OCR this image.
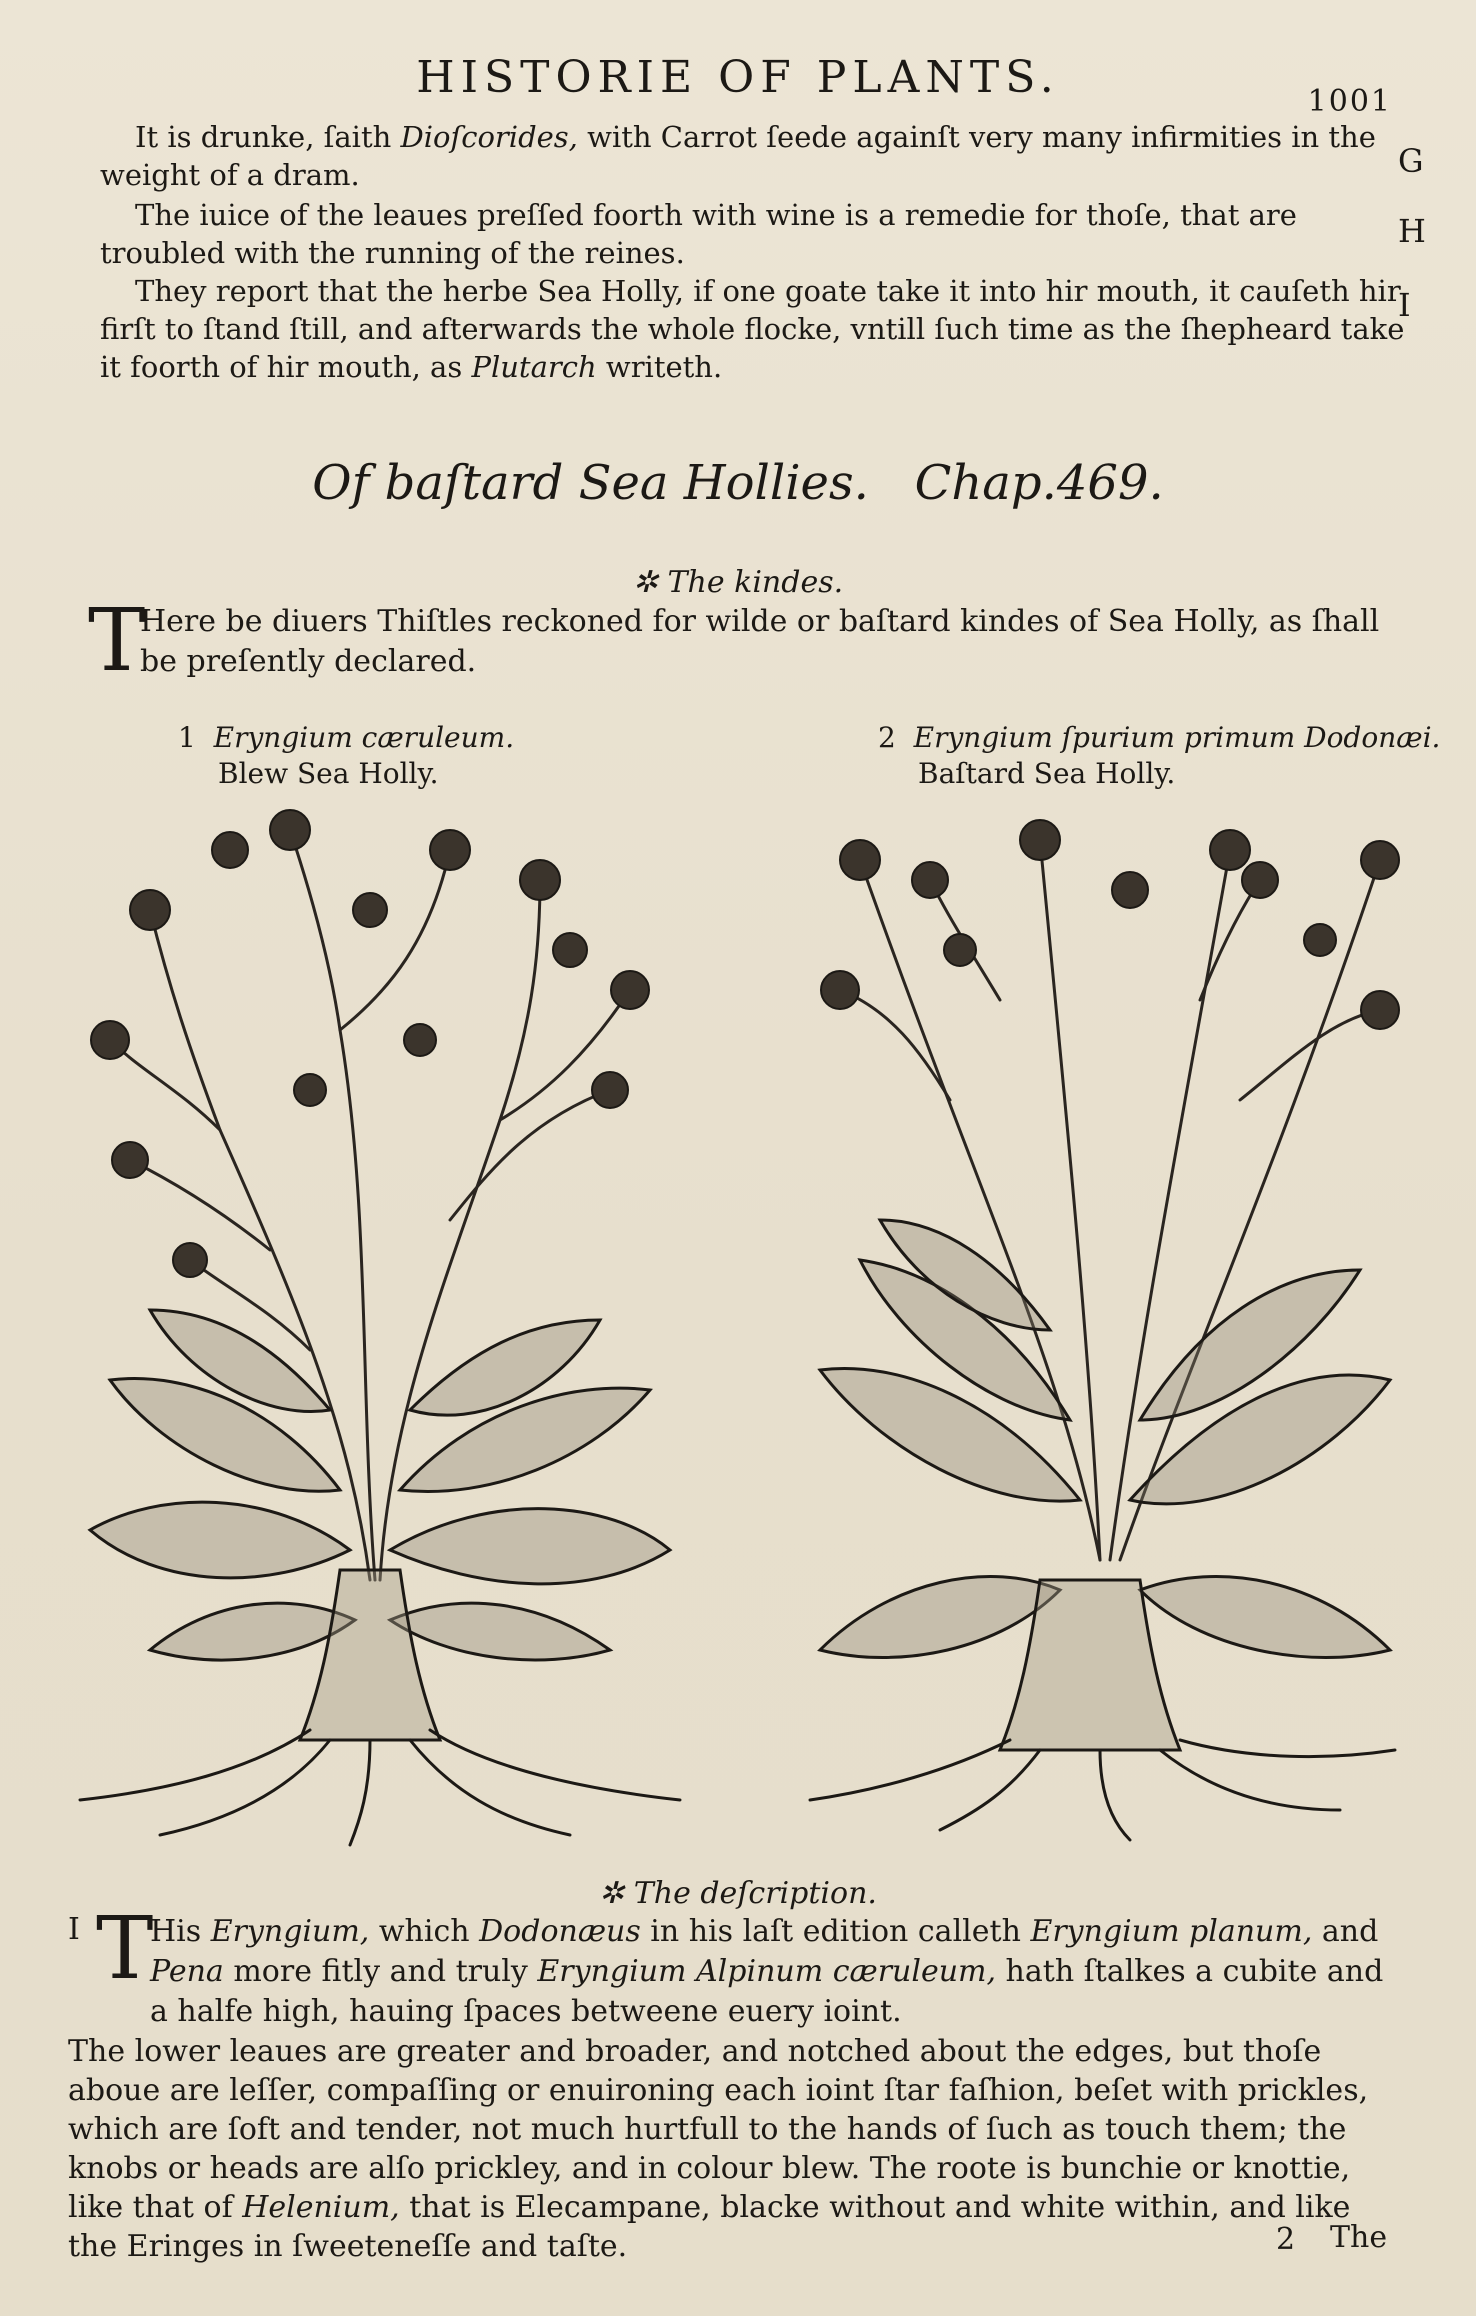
HISTORIE OF PLANTS.	1001
It is drunke, ſaith Dioſcorides, with Carrot ſeede againſt very many infirmities in the weight of a dram.	G
The iuice of the leaues preſſed foorth with wine is a remedie for thoſe, that are troubled with the running of the reines.
H
They report that the herbe Sea Holly, if one goate take it into hir mouth, it cauſeth hir firſt to ſtand ſtill, and afterwards the whole flocke, vntill ſuch time as the ſhepheard take it foorth of hir mouth, as Plutarch writeth.
I
Of baſtard Sea Hollies. Chap.469.
✲ The kindes.
T
Here be diuers Thiſtles reckoned for wilde or baſtard kindes of Sea Holly, as ſhall be preſently declared.
1 Eryngium cæruleum.
Blew Sea Holly.
2 Eryngium ſpurium primum Dodonæi.
Baſtard Sea Holly.
✲ The deſcription.
I T
His Eryngium, which Dodonæus in his laſt edition calleth Eryngium planum, and Pena more fitly and truly Eryngium Alpinum cæruleum, hath ſtalkes a cubite and a halfe high, hauing ſpaces betweene euery ioint.
The lower leaues are greater and broader, and notched about the edges, but thoſe aboue are leſſer, compaſſing or enuironing each ioint ſtar faſhion, beſet with prickles, which are ſoft and tender, not much hurtfull to the hands of ſuch as touch them; the knobs or heads are alſo prickley, and in colour blew. The roote is bunchie or knottie, like that of Helenium, that is Elecampane, blacke without and white within, and like the Eringes in ſweeteneſſe and taſte.	2 The
